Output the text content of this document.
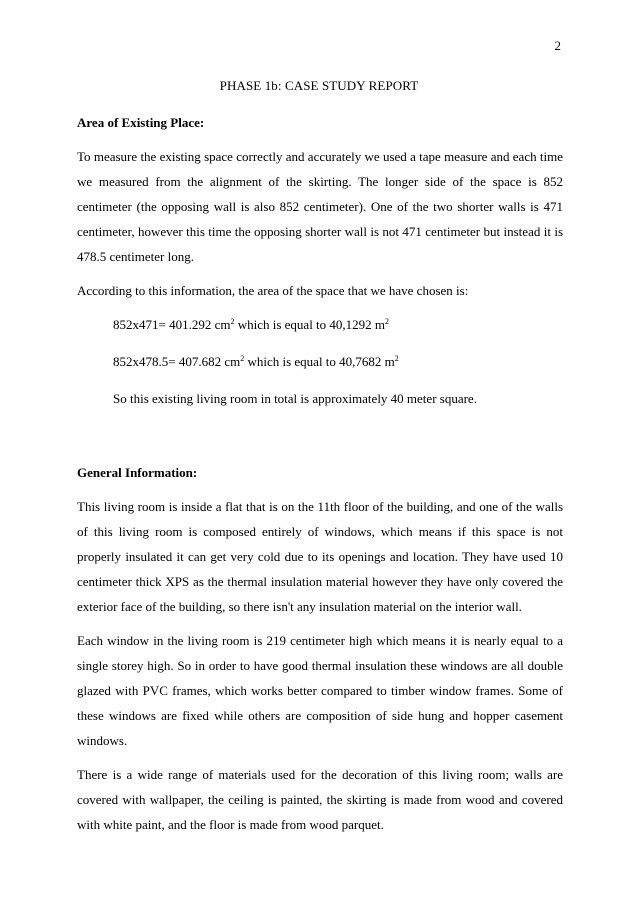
2
PHASE 1b: CASE STUDY REPORT

Area of Existing Place:

To measure the existing space correctly and accurately we used a tape measure and each time we measured from the alignment of the skirting. The longer side of the space is 852 centimeter (the opposing wall is also 852 centimeter). One of the two shorter walls is 471 centimeter, however this time the opposing shorter wall is not 471 centimeter but instead it is 478.5 centimeter long.

According to this information, the area of the space that we have chosen is:

852x471= 401.292 $cm^2$ which is equal to 40,1292 $m^2$

852x478.5= 407.682 $cm^2$ which is equal to 40,7682 $m^2$

So this existing living room in total is approximately 40 meter square.

General Information:

This living room is inside a flat that is on the 11th floor of the building, and one of the walls of this living room is composed entirely of windows, which means if this space is not properly insulated it can get very cold due to its openings and location. They have used 10 centimeter thick XPS as the thermal insulation material however they have only covered the exterior face of the building, so there isn't any insulation material on the interior wall.

Each window in the living room is 219 centimeter high which means it is nearly equal to a single storey high. So in order to have good thermal insulation these windows are all double glazed with PVC frames, which works better compared to timber window frames. Some of these windows are fixed while others are composition of side hung and hopper casement windows.

There is a wide range of materials used for the decoration of this living room; walls are covered with wallpaper, the ceiling is painted, the skirting is made from wood and covered with white paint, and the floor is made from wood parquet.
